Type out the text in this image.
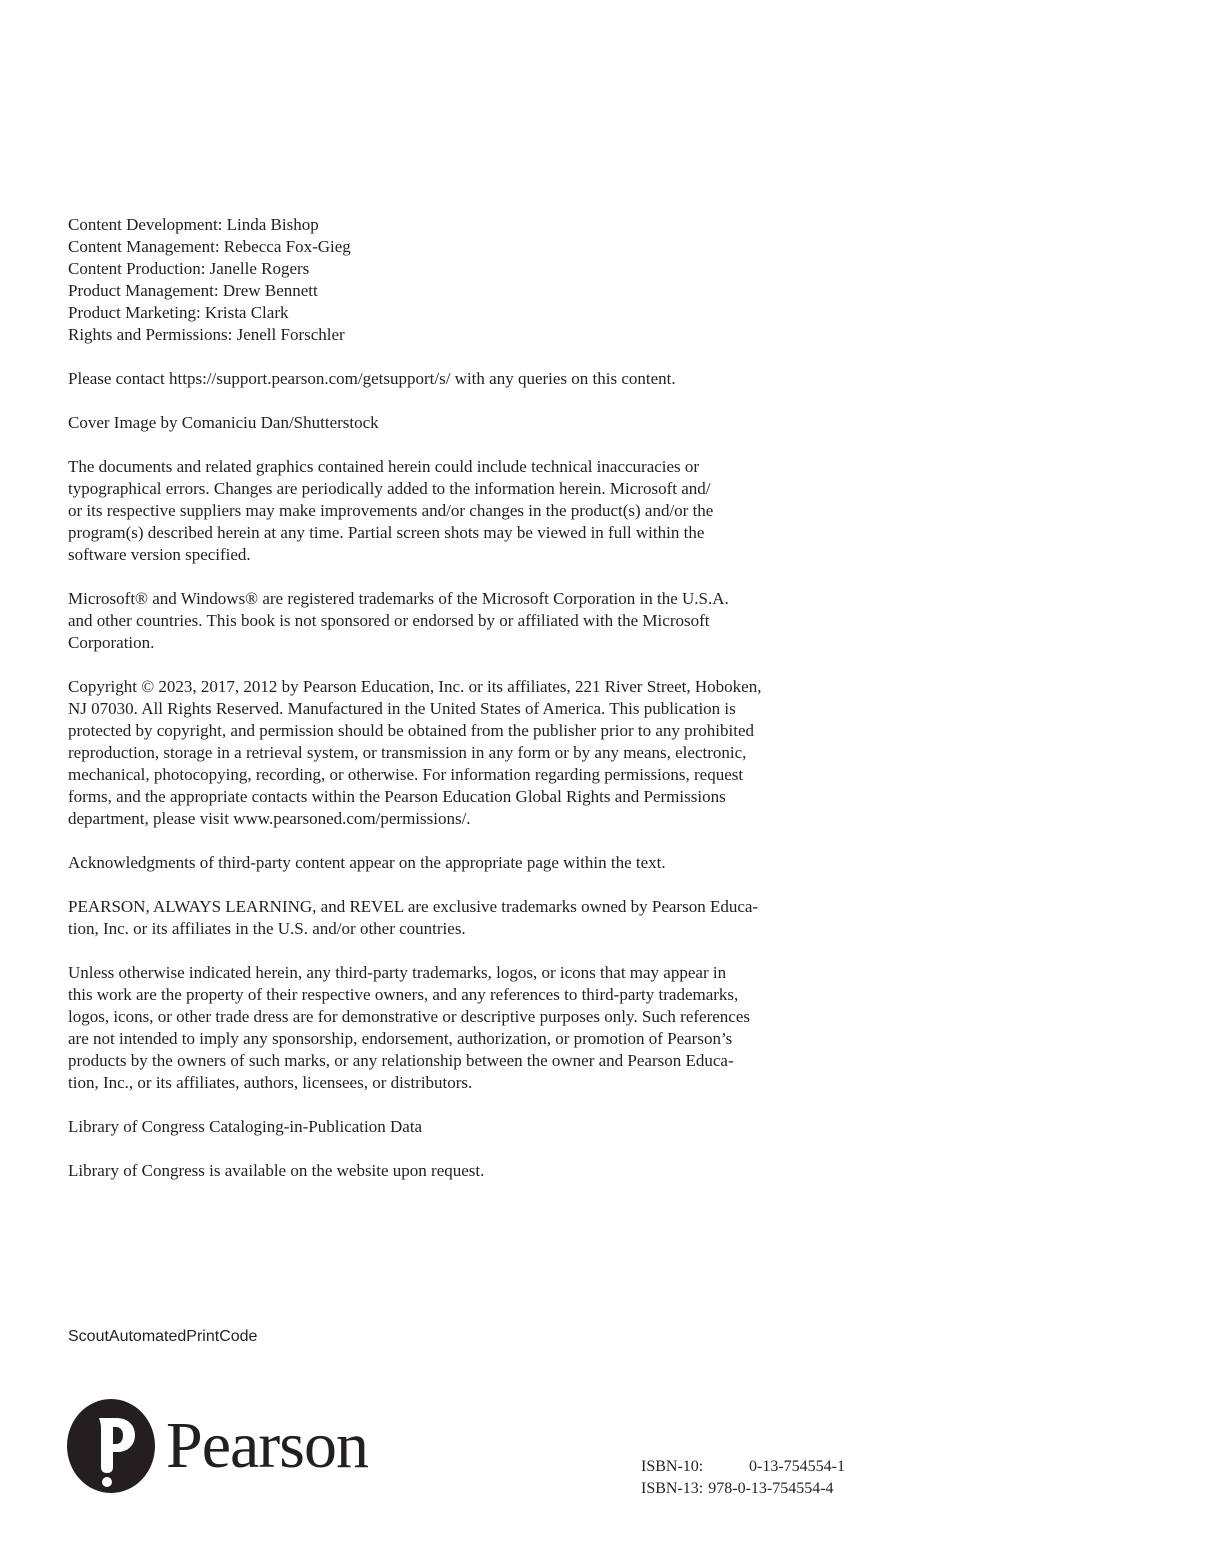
Content Development: Linda Bishop
Content Management: Rebecca Fox-Gieg
Content Production: Janelle Rogers
Product Management: Drew Bennett
Product Marketing: Krista Clark
Rights and Permissions: Jenell Forschler
Please contact https://support.pearson.com/getsupport/s/ with any queries on this content.
Cover Image by Comaniciu Dan/Shutterstock
The documents and related graphics contained herein could include technical inaccuracies or
typographical errors. Changes are periodically added to the information herein. Microsoft and/
or its respective suppliers may make improvements and/or changes in the product(s) and/or the
program(s) described herein at any time. Partial screen shots may be viewed in full within the
software version specified.
Microsoft® and Windows® are registered trademarks of the Microsoft Corporation in the U.S.A.
and other countries. This book is not sponsored or endorsed by or affiliated with the Microsoft
Corporation.
Copyright © 2023, 2017, 2012 by Pearson Education, Inc. or its affiliates, 221 River Street, Hoboken,
NJ 07030. All Rights Reserved. Manufactured in the United States of America. This publication is
protected by copyright, and permission should be obtained from the publisher prior to any prohibited
reproduction, storage in a retrieval system, or transmission in any form or by any means, electronic,
mechanical, photocopying, recording, or otherwise. For information regarding permissions, request
forms, and the appropriate contacts within the Pearson Education Global Rights and Permissions
department, please visit www.pearsoned.com/permissions/.
Acknowledgments of third-party content appear on the appropriate page within the text.
PEARSON, ALWAYS LEARNING, and REVEL are exclusive trademarks owned by Pearson Educa-
tion, Inc. or its affiliates in the U.S. and/or other countries.
Unless otherwise indicated herein, any third-party trademarks, logos, or icons that may appear in
this work are the property of their respective owners, and any references to third-party trademarks,
logos, icons, or other trade dress are for demonstrative or descriptive purposes only. Such references
are not intended to imply any sponsorship, endorsement, authorization, or promotion of Pearson’s
products by the owners of such marks, or any relationship between the owner and Pearson Educa-
tion, Inc., or its affiliates, authors, licensees, or distributors.
Library of Congress Cataloging-in-Publication Data
Library of Congress is available on the website upon request.
ScoutAutomatedPrintCode
Pearson	ISBN-10:	0-13-754554-1
ISBN-13: 978-0-13-754554-4
